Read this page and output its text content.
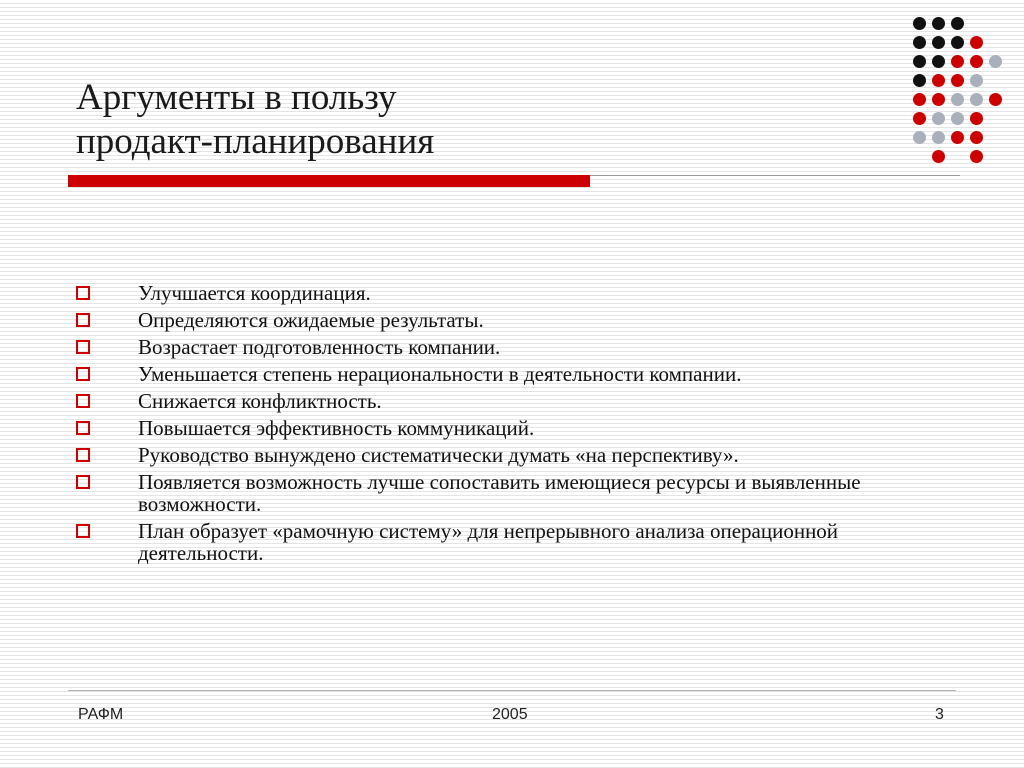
Аргументы в пользу
продакт-планирования
Улучшается координация.
Определяются ожидаемые результаты.
Возрастает подготовленность компании.
Уменьшается степень нерациональности в деятельности компании.
Снижается конфликтность.
Повышается эффективность коммуникаций.
Руководство вынуждено систематически думать «на перспективу».
Появляется возможность лучше сопоставить имеющиеся ресурсы и выявленные возможности.
План образует «рамочную систему» для непрерывного анализа операционной деятельности.
РАФМ	2005	3
